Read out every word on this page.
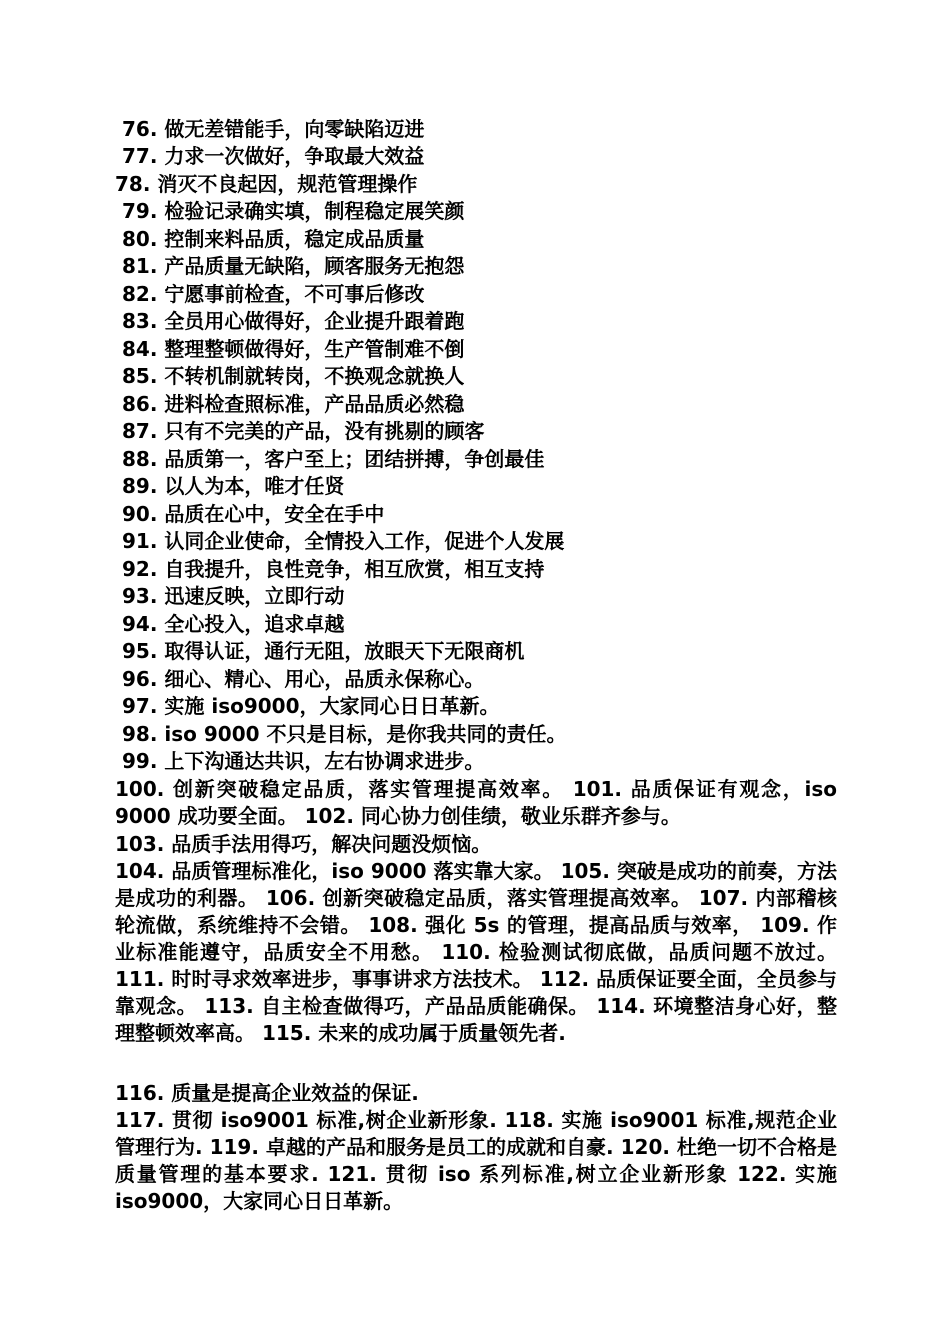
76. 做无差错能手，向零缺陷迈进
77. 力求一次做好，争取最大效益
78. 消灭不良起因，规范管理操作
79. 检验记录确实填，制程稳定展笑颜
80. 控制来料品质，稳定成品质量
81. 产品质量无缺陷，顾客服务无抱怨
82. 宁愿事前检查，不可事后修改
83. 全员用心做得好，企业提升跟着跑
84. 整理整顿做得好，生产管制难不倒
85. 不转机制就转岗，不换观念就换人
86. 进料检查照标准，产品品质必然稳
87. 只有不完美的产品，没有挑剔的顾客
88. 品质第一，客户至上；团结拼搏，争创最佳
89. 以人为本，唯才任贤
90. 品质在心中，安全在手中
91. 认同企业使命，全情投入工作，促进个人发展
92. 自我提升，良性竞争，相互欣赏，相互支持
93. 迅速反映，立即行动
94. 全心投入，追求卓越
95. 取得认证，通行无阻，放眼天下无限商机
96. 细心、精心、用心，品质永保称心。
97. 实施 iso9000，大家同心日日革新。
98. iso 9000 不只是目标，是你我共同的责任。
99. 上下沟通达共识，左右协调求进步。
100. 创新突破稳定品质，落实管理提高效率。 101. 品质保证有观念，iso 9000 成功要全面。 102. 同心协力创佳绩，敬业乐群齐参与。
103. 品质手法用得巧，解决问题没烦恼。
104. 品质管理标准化，iso 9000 落实靠大家。 105. 突破是成功的前奏，方法是成功的利器。 106. 创新突破稳定品质，落实管理提高效率。 107. 内部稽核轮流做，系统维持不会错。 108. 强化 5s 的管理，提高品质与效率， 109. 作业标准能遵守，品质安全不用愁。 110. 检验测试彻底做，品质问题不放过。 111. 时时寻求效率进步，事事讲求方法技术。 112. 品质保证要全面，全员参与靠观念。 113. 自主检查做得巧，产品品质能确保。 114. 环境整洁身心好，整理整顿效率高。 115. 未来的成功属于质量领先者.
116. 质量是提高企业效益的保证.
117. 贯彻 iso9001 标准,树企业新形象. 118. 实施 iso9001 标准,规范企业管理行为. 119. 卓越的产品和服务是员工的成就和自豪. 120. 杜绝一切不合格是质量管理的基本要求. 121. 贯彻 iso 系列标准,树立企业新形象 122. 实施 iso9000，大家同心日日革新。
